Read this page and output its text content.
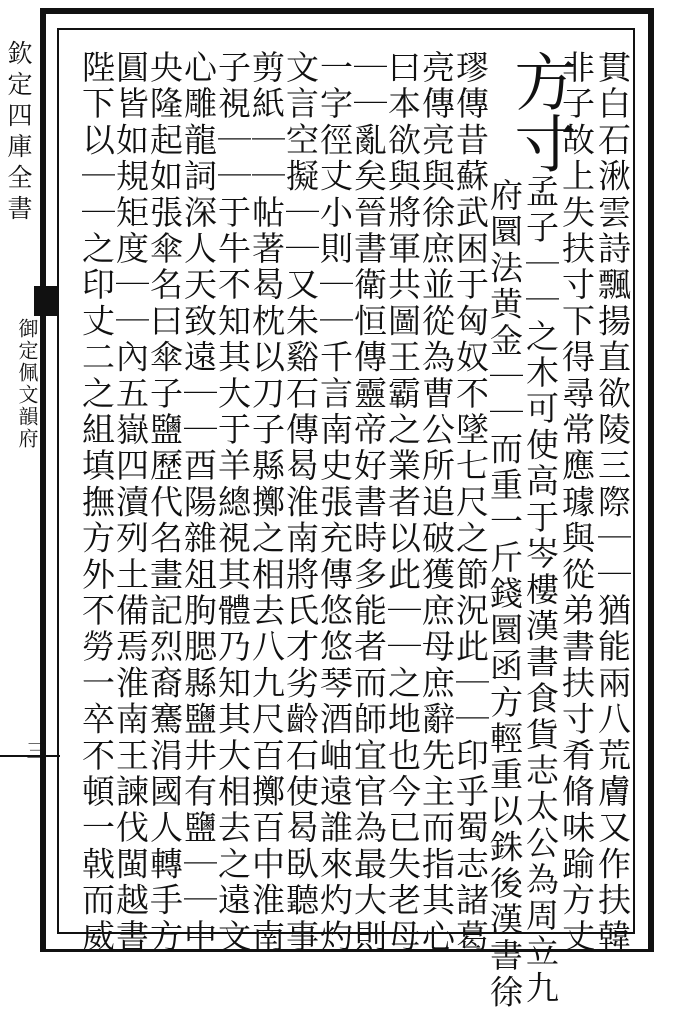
欽定四庫全書
御定佩文韻府
三	貫白石湫雲詩飄揚直欲陵三際｜｜猶能兩八荒膚又作扶韓
非子故上失扶寸下得尋常應璩與從弟書扶寸肴脩味踰方丈
方寸孟子｜｜之木可使高于岑樓漢書食貨志太公為周立九
府圜法黄金｜｜而重一斤錢圜函方輕重以銖後漢書徐
璆傳昔蘇武困于匈奴不墜七尺之節況此｜｜印乎蜀志諸葛
亮傳亮與徐庶並從為曹公所追破獲庶母庶辭先主而指其心
曰本欲與將軍共圖王霸之業者以此｜｜之地也今已失老母
｜｜亂矣晉書衛恒傳靈帝好書時多能者而師宜官為最大則
一字徑丈小則｜｜千言南史張充傳悠悠琴酒岫遠誰來灼灼
文言空擬｜｜又朱谿石傳曷淮南將氏才劣齡石使曷臥聽事
剪紙｜｜帖著曷枕以刀子縣擲之相去八九尺百擲百中淮南
子視｜｜于牛不知其大于羊總視其體乃知其大相去之遠文
心雕龍詞深人天致遠｜｜酉陽雜俎朐腮縣鹽井有鹽｜｜中
央隆起如張傘名曰傘子鹽歷代名畫記烈裔騫涓國人轉手方
圓皆如規矩度｜｜內五嶽四瀆列土備焉淮南王諫伐閩越書
陛下以｜｜之印丈二之組填撫方外不勞一卒不頓一戟而威
